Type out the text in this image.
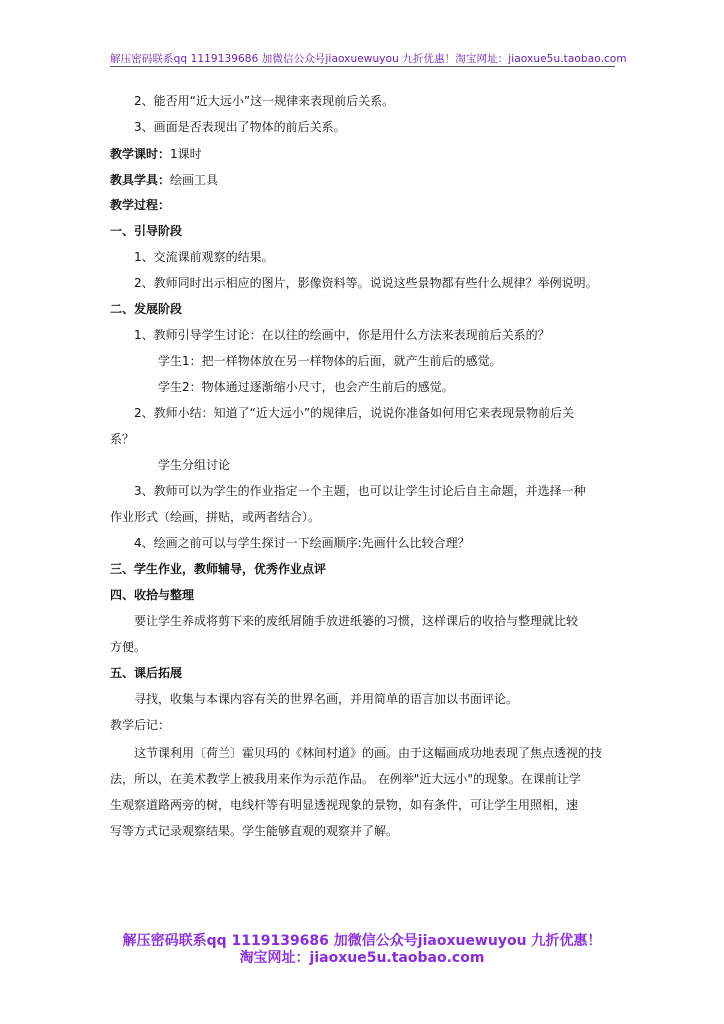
解压密码联系qq 1119139686 加微信公众号jiaoxuewuyou 九折优惠！淘宝网址：jiaoxue5u.taobao.com
2、能否用“近大远小”这一规律来表现前后关系。
3、画面是否表现出了物体的前后关系。
教学课时：1课时
教具学具：绘画工具
教学过程：
一、引导阶段
1、交流课前观察的结果。
2、教师同时出示相应的图片，影像资料等。说说这些景物都有些什么规律？举例说明。
二、发展阶段
1、教师引导学生讨论：在以往的绘画中，你是用什么方法来表现前后关系的？
学生1：把一样物体放在另一样物体的后面，就产生前后的感觉。
学生2：物体通过逐渐缩小尺寸，也会产生前后的感觉。
2、教师小结：知道了“近大远小”的规律后，说说你准备如何用它来表现景物前后关
系？
学生分组讨论
3、教师可以为学生的作业指定一个主题，也可以让学生讨论后自主命题，并选择一种
作业形式（绘画，拼贴，或两者结合）。
4、绘画之前可以与学生探讨一下绘画顺序:先画什么比较合理？
三、学生作业，教师辅导，优秀作业点评
四、收拾与整理
要让学生养成将剪下来的废纸屑随手放进纸篓的习惯，这样课后的收拾与整理就比较
方便。
五、课后拓展
寻找，收集与本课内容有关的世界名画，并用简单的语言加以书面评论。
教学后记：
这节课利用〔荷兰〕霍贝玛的《林间村道》的画。由于这幅画成功地表现了焦点透视的技
法，所以，在美术教学上被我用来作为示范作品。 在例举"近大远小"的现象。在课前让学
生观察道路两旁的树，电线杆等有明显透视现象的景物，如有条件，可让学生用照相，速
写等方式记录观察结果。学生能够直观的观察并了解。
解压密码联系qq 1119139686 加微信公众号jiaoxuewuyou 九折优惠！
淘宝网址：jiaoxue5u.taobao.com
